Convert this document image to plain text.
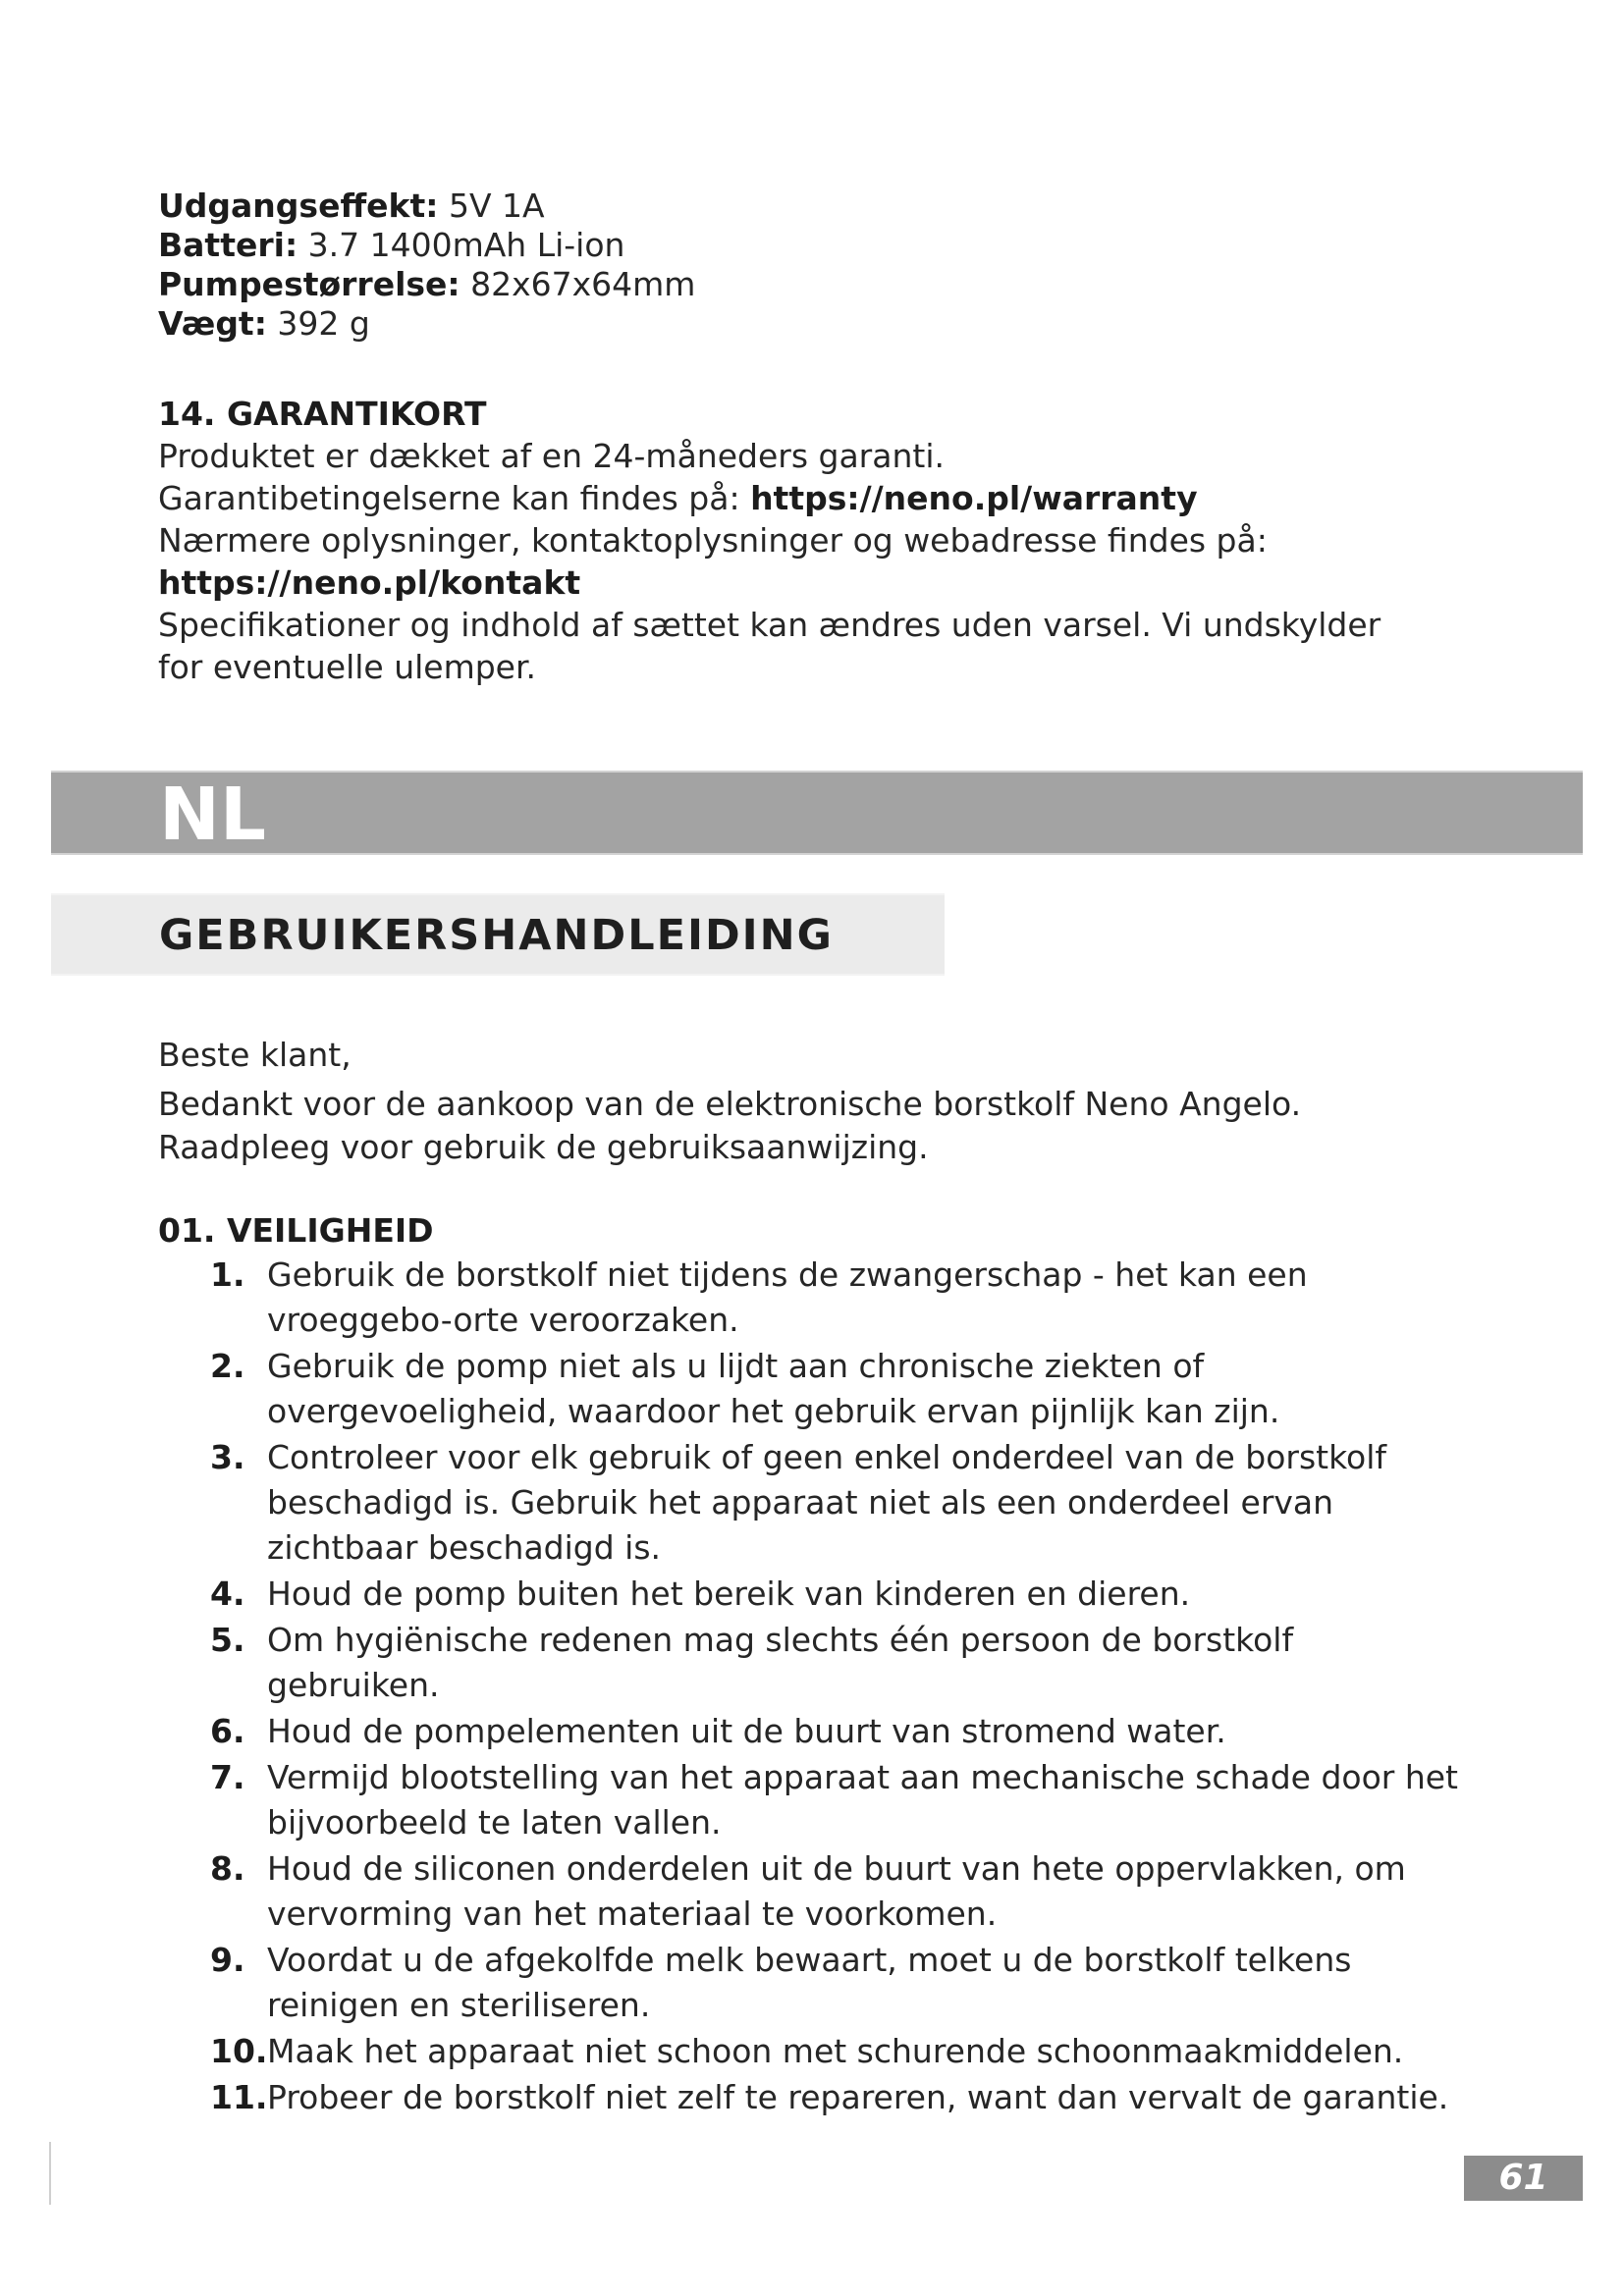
Udgangseffekt: 5V 1A
Batteri: 3.7 1400mAh Li-ion
Pumpestørrelse: 82x67x64mm
Vægt: 392 g
14. GARANTIKORT
Produktet er dækket af en 24-måneders garanti.
Garantibetingelserne kan findes på: https://neno.pl/warranty
Nærmere oplysninger, kontaktoplysninger og webadresse findes på:
https://neno.pl/kontakt
Specifikationer og indhold af sættet kan ændres uden varsel. Vi undskylder for eventuelle ulemper.
NL
GEBRUIKERSHANDLEIDING

Beste klant,

Bedankt voor de aankoop van de elektronische borstkolf Neno Angelo. Raadpleeg voor gebruik de gebruiksaanwijzing.

01. VEILIGHEID
1. Gebruik de borstkolf niet tijdens de zwangerschap - het kan een vroeggebo-orte veroorzaken.
2. Gebruik de pomp niet als u lijdt aan chronische ziekten of overgevoeligheid, waardoor het gebruik ervan pijnlijk kan zijn.
3. Controleer voor elk gebruik of geen enkel onderdeel van de borstkolf beschadigd is. Gebruik het apparaat niet als een onderdeel ervan zichtbaar beschadigd is.
4. Houd de pomp buiten het bereik van kinderen en dieren.
5. Om hygiënische redenen mag slechts één persoon de borstkolf gebruiken.
6. Houd de pompelementen uit de buurt van stromend water.
7. Vermijd blootstelling van het apparaat aan mechanische schade door het bijvoorbeeld te laten vallen.
8. Houd de siliconen onderdelen uit de buurt van hete oppervlakken, om vervorming van het materiaal te voorkomen.
9. Voordat u de afgekolfde melk bewaart, moet u de borstkolf telkens reinigen en steriliseren.
10. Maak het apparaat niet schoon met schurende schoonmaakmiddelen.
11. Probeer de borstkolf niet zelf te repareren, want dan vervalt de garantie.
61
